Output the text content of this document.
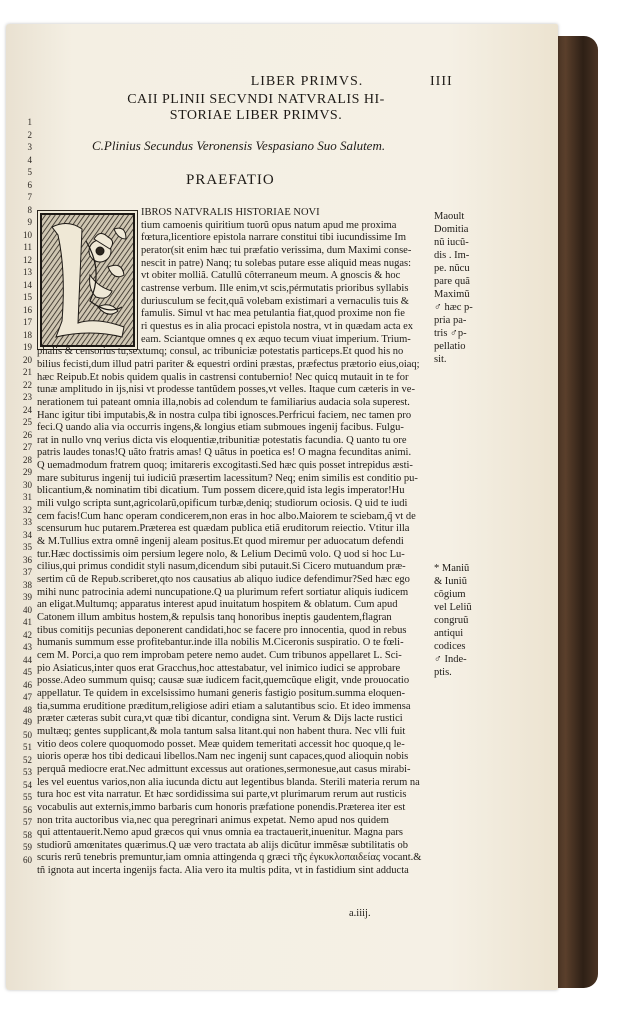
LIBER PRIMVS.	IIII
CAII PLINII SECVNDI NATVRALIS HI-
STORIAE LIBER PRIMVS.
C.Plinius Secundus Veronensis Vespasiano Suo Salutem.
PRAEFATIO
1
2
3
4
5
6
7
8
9
10
11
12
13
14
15
16
17
18
19
20
21
22
23
24
25
26
27
28
29
30
31
32
33
34
35
36
37
38
39
40
41
42
43
44
45
46
47
48
49
50
51
52
53
54
55
56
57
58
59
60
IBROS NATVRALIS HISTORIAE NOVI
tium camoenis quiritium tuorũ opus natum apud me proxima
fœtura,licentiore epistola narrare constitui tibi iucundissime Im
perator(sit enim hæc tui præfatio verissima, dum Maximi conse-
nescit in patre) Nanq; tu solebas putare esse aliquid meas nugas:
vt obiter molliã. Catullũ côterraneum meum. A gnoscis & hoc
castrense verbum. Ille enim,vt scis,pérmutatis prioribus syllabis
duriusculum se fecit,quã volebam existimari a vernaculis tuis &
famulis. Simul vt hac mea petulantia fiat,quod proxime non fie
ri questus es in alia procaci epistola nostra, vt in quædam acta ex
eam. Sciantque omnes q ex æquo tecum viuat imperium. Trium-
phalis & censorius tu,sextumq; consul, ac tribuniciæ potestatis particeps.Et quod his no
bilius fecisti,dum illud patri pariter & equestri ordini præstas, præfectus prætorio eius,oiaq;
hæc Reipub.Et nobis quidem qualis in castrensi contubernio! Nec quicq mutauit in te for
tunæ amplitudo in ijs,nisi vt prodesse tantũdem posses,vt velles. Itaque cum cæteris in ve-
nerationem tui pateant omnia illa,nobis ad colendum te familiarius audacia sola superest.
Hanc igitur tibi imputabis,& in nostra culpa tibi ignosces.Perfricui faciem, nec tamen pro
feci.Q uando alia via occurris ingens,& longius etiam submoues ingenij facibus. Fulgu-
rat in nullo vnq verius dicta vis eloquentiæ,tribunitiæ potestatis facundia. Q uanto tu ore
patris laudes tonas!Q uãto fratris amas! Q uãtus in poetica es! O magna fecunditas animi.
Q uemadmodum fratrem quoq; imitareris excogitasti.Sed hæc quis posset intrepidus æsti-
mare subiturus ingenij tui iudiciũ præsertim lacessitum? Neq; enim similis est conditio pu-
blicantium,& nominatim tibi dicatium. Tum possem dicere,quid ista legis imperator!Hu
mili vulgo scripta sunt,agricolarũ,opificum turbæ,deniq; studiorum ociosis. Q uid te iudi
cem facis!Cum hanc operam condicerem,non eras in hoc albo.Maiorem te sciebam,q̃ vt de
scensurum huc putarem.Præterea est quædam publica etiã eruditorum reiectio. Vtitur illa
& M.Tullius extra omnẽ ingenij aleam positus.Et quod miremur per aduocatum defendi
tur.Hæc doctissimis oim persium legere nolo, & Lelium Decimũ volo. Q uod si hoc Lu-
cilius,qui primus condidit styli nasum,dicendum sibi putauit.Si Cicero mutuandum præ-
sertim cũ de Repub.scriberet,qto nos causatius ab aliquo iudice defendimur?Sed hæc ego
mihi nunc patrocinia ademi nuncupatione.Q ua plurimum refert sortiatur aliquis iudicem
an eligat.Multumq; apparatus interest apud inuitatum hospitem & oblatum. Cum apud
Catonem illum ambitus hostem,& repulsis tanq honoribus ineptis gaudentem,flagran
tibus comitijs pecunias deponerent candidati,hoc se facere pro innocentia, quod in rebus
humanis summum esse profitebantur.inde illa nobilis M.Ciceronis suspiratio. O te fœli-
cem M. Porci,a quo rem improbam petere nemo audet. Cum tribunos appellaret L. Sci-
pio Asiaticus,inter quos erat Gracchus,hoc attestabatur, vel inimico iudici se approbare
posse.Adeo summum quisq; causæ suæ iudicem facit,quemcũque eligit, vnde prouocatio
appellatur. Te quidem in excelsissimo humani generis fastigio positum.summa eloquen-
tia,summa eruditione præditum,religiose adiri etiam a salutantibus scio. Et ideo immensa
præter cæteras subit cura,vt quæ tibi dicantur, condigna sint. Verum & Dijs lacte rustici
multæq; gentes supplicant,& mola tantum salsa litant.qui non habent thura. Nec vlli fuit
vitio deos colere quoquomodo posset. Meæ quidem temeritati accessit hoc quoque,q le-
uioris operæ hos tibi dedicaui libellos.Nam nec ingenij sunt capaces,quod alioquin nobis
perquã mediocre erat.Nec admittunt excessus aut orationes,sermonesue,aut casus mirabi-
les vel euentus varios,non alia iucunda dictu aut legentibus blanda. Sterili materia rerum na
tura hoc est vita narratur. Et hæc sordidissima sui parte,vt plurimarum rerum aut rusticis
vocabulis aut externis,immo barbaris cum honoris præfatione ponendis.Præterea iter est
non trita auctoribus via,nec qua peregrinari animus expetat. Nemo apud nos quidem
qui attentauerit.Nemo apud græcos qui vnus omnia ea tractauerit,inuenitur. Magna pars
studiorũ amœnitates quærimus.Q uæ vero tractata ab alijs dicũtur immẽsæ subtilitatis ob
scuris rerũ tenebris premuntur,iam omnia attingenda q græci τῆς ἐγκυκλοπαιδείας vocant.&
tñ ignota aut incerta ingenijs facta. Alia vero ita multis pdita, vt in fastidium sint adducta
Maoult
Domitia
nũ iucũ-
dis . Im-
pe. nũcu
pare quã
Maximũ
♂ hæc p-
pria pa-
tris ♂p-
pellatio
sit.
* Maniũ
& Iuniũ
cõgium
vel Leliũ
congruũ
antiqui
codices
♂ Inde-
ptis.
a.iiij.
